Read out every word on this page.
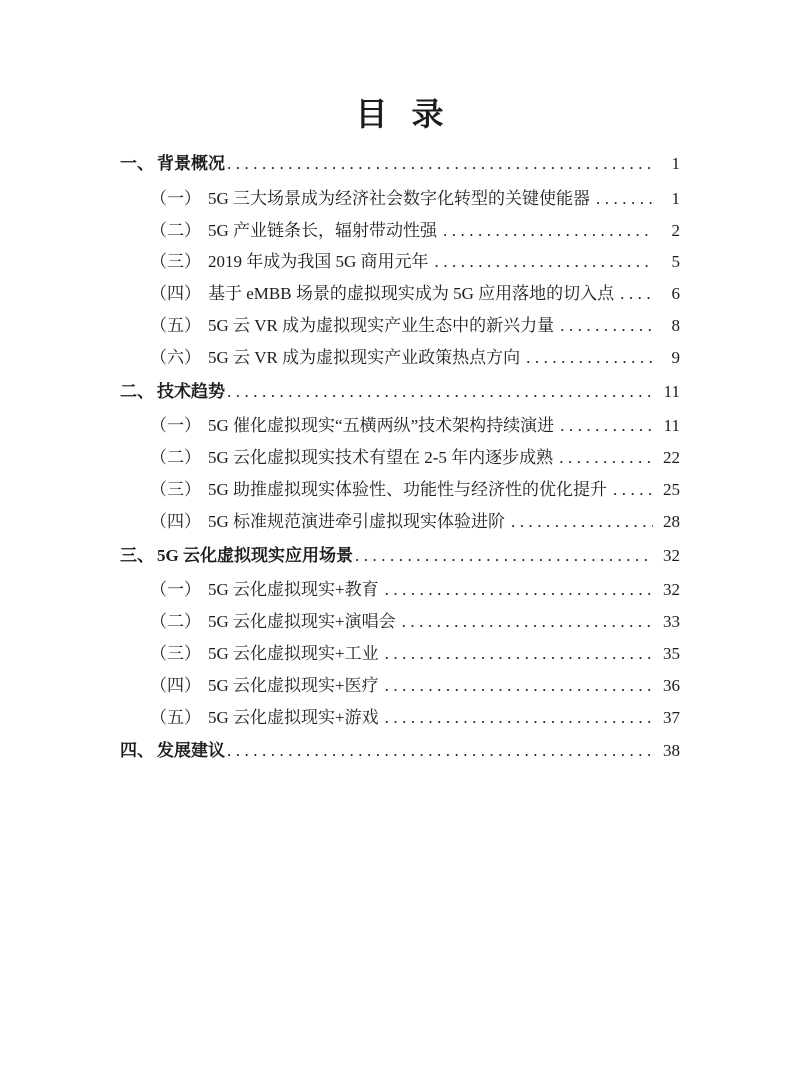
目 录
一、 背景概况 .....	1
（一） 5G 三大场景成为经济社会数字化转型的关键使能器 .....	1
（二） 5G 产业链条长，辐射带动性强 .....	2
（三） 2019 年成为我国 5G 商用元年 .....	5
（四） 基于 eMBB 场景的虚拟现实成为 5G 应用落地的切入点 .....	6
（五） 5G 云 VR 成为虚拟现实产业生态中的新兴力量 .....	8
（六） 5G 云 VR 成为虚拟现实产业政策热点方向 .....	9
二、 技术趋势 .....	11
（一） 5G 催化虚拟现实“五横两纵”技术架构持续演进 .....	11
（二） 5G 云化虚拟现实技术有望在 2-5 年内逐步成熟 .....	22
（三） 5G 助推虚拟现实体验性、功能性与经济性的优化提升 .....	25
（四） 5G 标准规范演进牵引虚拟现实体验进阶 .....	28
三、 5G 云化虚拟现实应用场景 .....	32
（一） 5G 云化虚拟现实+教育 .....	32
（二） 5G 云化虚拟现实+演唱会 .....	33
（三） 5G 云化虚拟现实+工业 .....	35
（四） 5G 云化虚拟现实+医疗 .....	36
（五） 5G 云化虚拟现实+游戏 .....	37
四、 发展建议 .....	38
